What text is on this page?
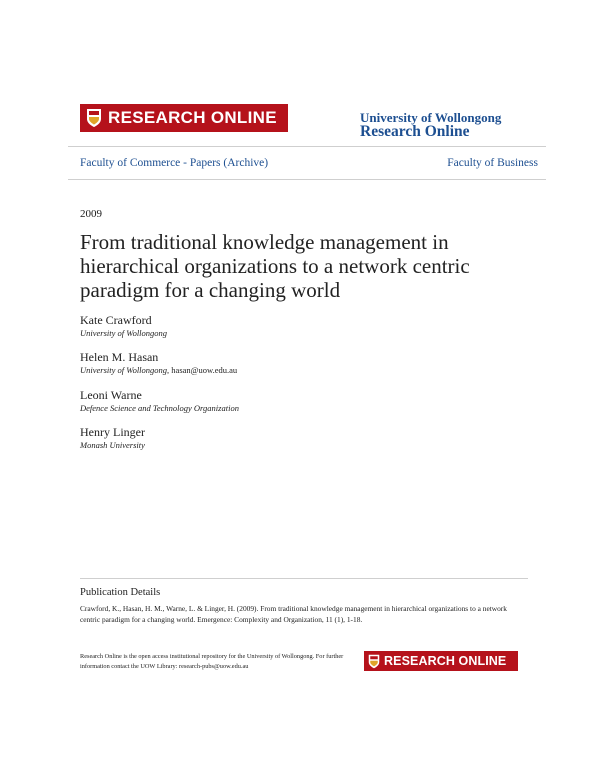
RESEARCH ONLINE	University of Wollongong
Research Online
Faculty of Commerce - Papers (Archive)	Faculty of Business
2009
From traditional knowledge management in hierarchical organizations to a network centric paradigm for a changing world
Kate Crawford
University of Wollongong
Helen M. Hasan
University of Wollongong, hasan@uow.edu.au
Leoni Warne
Defence Science and Technology Organization
Henry Linger
Monash University
Publication Details
Crawford, K., Hasan, H. M., Warne, L. & Linger, H. (2009). From traditional knowledge management in hierarchical organizations to a network centric paradigm for a changing world. Emergence: Complexity and Organization, 11 (1), 1-18.
Research Online is the open access institutional repository for the University of Wollongong. For further information contact the UOW Library: research-pubs@uow.edu.au	RESEARCH ONLINE
